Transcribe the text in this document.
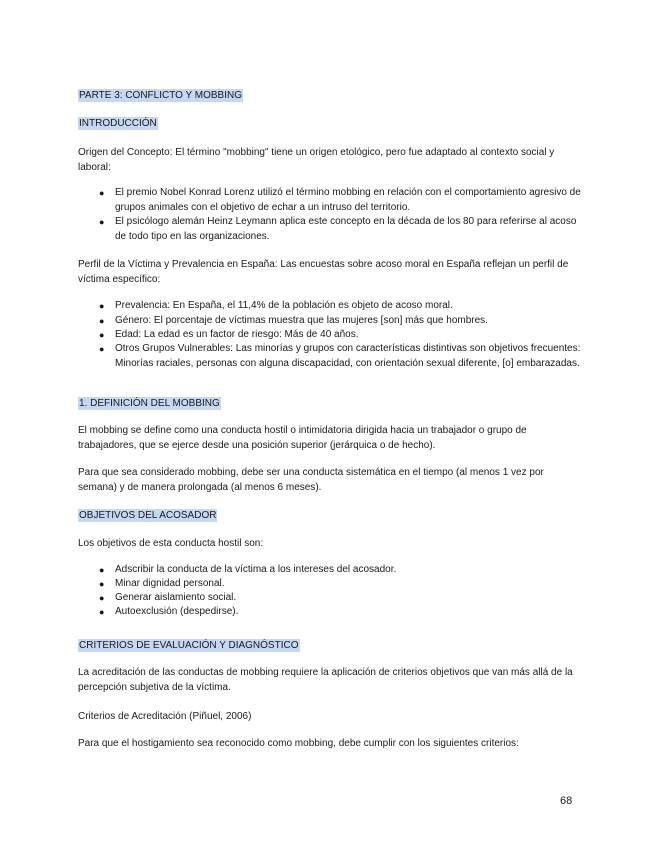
PARTE 3: CONFLICTO Y MOBBING

INTRODUCCIÓN

Origen del Concepto: El término "mobbing" tiene un origen etológico, pero fue adaptado al contexto social y laboral:

●	El premio Nobel Konrad Lorenz utilizó el término mobbing en relación con el comportamiento agresivo de grupos animales con el objetivo de echar a un intruso del territorio.

●	El psicólogo alemán Heinz Leymann aplica este concepto en la década de los 80 para referirse al acoso de todo tipo en las organizaciones.

Perfil de la Víctima y Prevalencia en España: Las encuestas sobre acoso moral en España reflejan un perfil de víctima específico:

●	Prevalencia: En España, el 11,4% de la población es objeto de acoso moral.

●	Género: El porcentaje de víctimas muestra que las mujeres [son] más que hombres.

●	Edad: La edad es un factor de riesgo: Más de 40 años.

●	Otros Grupos Vulnerables: Las minorías y grupos con características distintivas son objetivos frecuentes: Minorías raciales, personas con alguna discapacidad, con orientación sexual diferente, [o] embarazadas.

1. DEFINICIÓN DEL MOBBING

El mobbing se define como una conducta hostil o intimidatoria dirigida hacia un trabajador o grupo de trabajadores, que se ejerce desde una posición superior (jerárquica o de hecho).

Para que sea considerado mobbing, debe ser una conducta sistemática en el tiempo (al menos 1 vez por semana) y de manera prolongada (al menos 6 meses).

OBJETIVOS DEL ACOSADOR

Los objetivos de esta conducta hostil son:

●	Adscribir la conducta de la víctima a los intereses del acosador.

●	Minar dignidad personal.

●	Generar aislamiento social.

●	Autoexclusión (despedirse).

CRITERIOS DE EVALUACIÓN Y DIAGNÓSTICO

La acreditación de las conductas de mobbing requiere la aplicación de criterios objetivos que van más allá de la percepción subjetiva de la víctima.

Criterios de Acreditación (Piñuel, 2006)

Para que el hostigamiento sea reconocido como mobbing, debe cumplir con los siguientes criterios:

68
